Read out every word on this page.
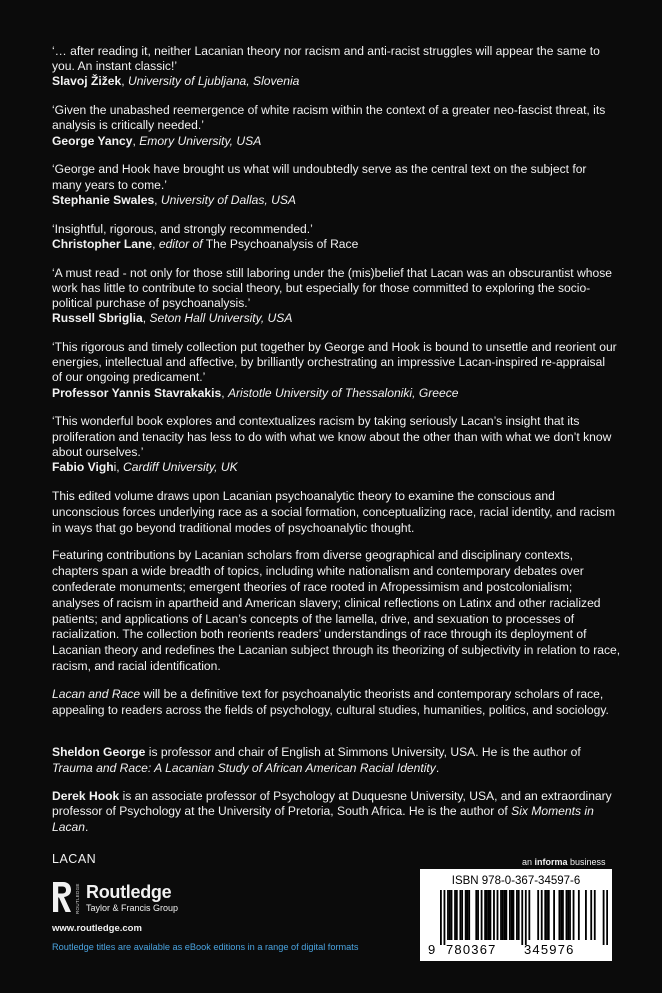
‘… after reading it, neither Lacanian theory nor racism and anti-racist struggles will appear the same to you. An instant classic!’
Slavoj Žižek, University of Ljubljana, Slovenia
‘Given the unabashed reemergence of white racism within the context of a greater neo-fascist threat, its analysis is critically needed.’
George Yancy, Emory University, USA
‘George and Hook have brought us what will undoubtedly serve as the central text on the subject for many years to come.’
Stephanie Swales, University of Dallas, USA
‘Insightful, rigorous, and strongly recommended.’
Christopher Lane, editor of The Psychoanalysis of Race
‘A must read - not only for those still laboring under the (mis)belief that Lacan was an obscurantist whose work has little to contribute to social theory, but especially for those committed to exploring the socio-political purchase of psychoanalysis.’
Russell Sbriglia, Seton Hall University, USA
‘This rigorous and timely collection put together by George and Hook is bound to unsettle and reorient our energies, intellectual and affective, by brilliantly orchestrating an impressive Lacan-inspired re-appraisal of our ongoing predicament.’
Professor Yannis Stavrakakis, Aristotle University of Thessaloniki, Greece
‘This wonderful book explores and contextualizes racism by taking seriously Lacan’s insight that its proliferation and tenacity has less to do with what we know about the other than with what we don’t know about ourselves.’
Fabio Vighi, Cardiff University, UK

This edited volume draws upon Lacanian psychoanalytic theory to examine the conscious and unconscious forces underlying race as a social formation, conceptualizing race, racial identity, and racism in ways that go beyond traditional modes of psychoanalytic thought.

Featuring contributions by Lacanian scholars from diverse geographical and disciplinary contexts, chapters span a wide breadth of topics, including white nationalism and contemporary debates over confederate monuments; emergent theories of race rooted in Afropessimism and postcolonialism; analyses of racism in apartheid and American slavery; clinical reflections on Latinx and other racialized patients; and applications of Lacan’s concepts of the lamella, drive, and sexuation to processes of racialization. The collection both reorients readers’ understandings of race through its deployment of Lacanian theory and redefines the Lacanian subject through its theorizing of subjectivity in relation to race, racism, and racial identification.

Lacan and Race will be a definitive text for psychoanalytic theorists and contemporary scholars of race, appealing to readers across the fields of psychology, cultural studies, humanities, politics, and sociology.

Sheldon George is professor and chair of English at Simmons University, USA. He is the author of Trauma and Race: A Lacanian Study of African American Racial Identity.

Derek Hook is an associate professor of Psychology at Duquesne University, USA, and an extraordinary professor of Psychology at the University of Pretoria, South Africa. He is the author of Six Moments in Lacan.

LACAN
ROUTLEDGE Routledge
Taylor & Francis Group
www.routledge.com
Routledge titles are available as eBook editions in a range of digital formats
an informa business
ISBN 978-0-367-34597-6
9 780367 345976
